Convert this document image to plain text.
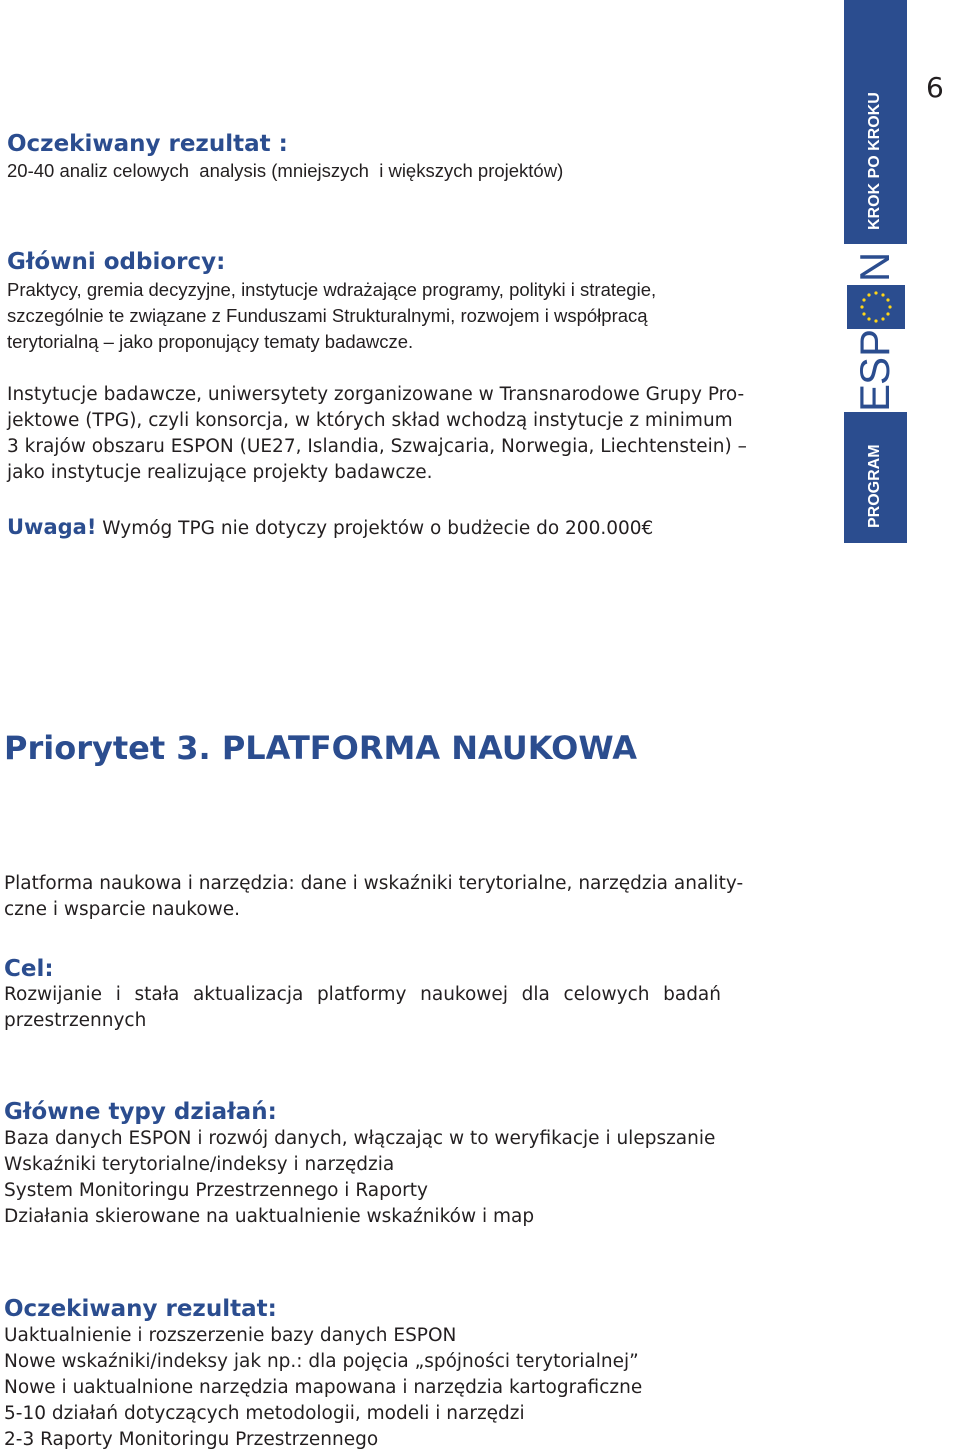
KROK PO KROKU
PROGRAM
E
S
P
N
6
Oczekiwany rezultat :
20-40 analiz celowych  analysis (mniejszych  i większych projektów)
Główni odbiorcy:
Praktycy, gremia decyzyjne, instytucje wdrażające programy, polityki i strategie,
szczególnie te związane z Funduszami Strukturalnymi, rozwojem i współpracą
terytorialną – jako proponujący tematy badawcze.
Instytucje badawcze, uniwersytety zorganizowane w Transnarodowe Grupy Pro-
jektowe (TPG), czyli konsorcja, w których skład wchodzą instytucje z minimum
3 krajów obszaru ESPON (UE27, Islandia, Szwajcaria, Norwegia, Liechtenstein) –
jako instytucje realizujące projekty badawcze.
Uwaga! Wymóg TPG nie dotyczy projektów o budżecie do 200.000€
Priorytet 3. PLATFORMA NAUKOWA
Platforma naukowa i narzędzia: dane i wskaźniki terytorialne, narzędzia anality-
czne i wsparcie naukowe.
Cel:
Rozwijanie i stała aktualizacja platformy naukowej dla celowych badań
przestrzennych
Główne typy działań:
Baza danych ESPON i rozwój danych, włączając w to weryfikacje i ulepszanie
Wskaźniki terytorialne/indeksy i narzędzia
System Monitoringu Przestrzennego i Raporty
Działania skierowane na uaktualnienie wskaźników i map
Oczekiwany rezultat:
Uaktualnienie i rozszerzenie bazy danych ESPON
Nowe wskaźniki/indeksy jak np.: dla pojęcia „spójności terytorialnej”
Nowe i uaktualnione narzędzia mapowana i narzędzia kartograficzne
5-10 działań dotyczących metodologii, modeli i narzędzi
2-3 Raporty Monitoringu Przestrzennego
